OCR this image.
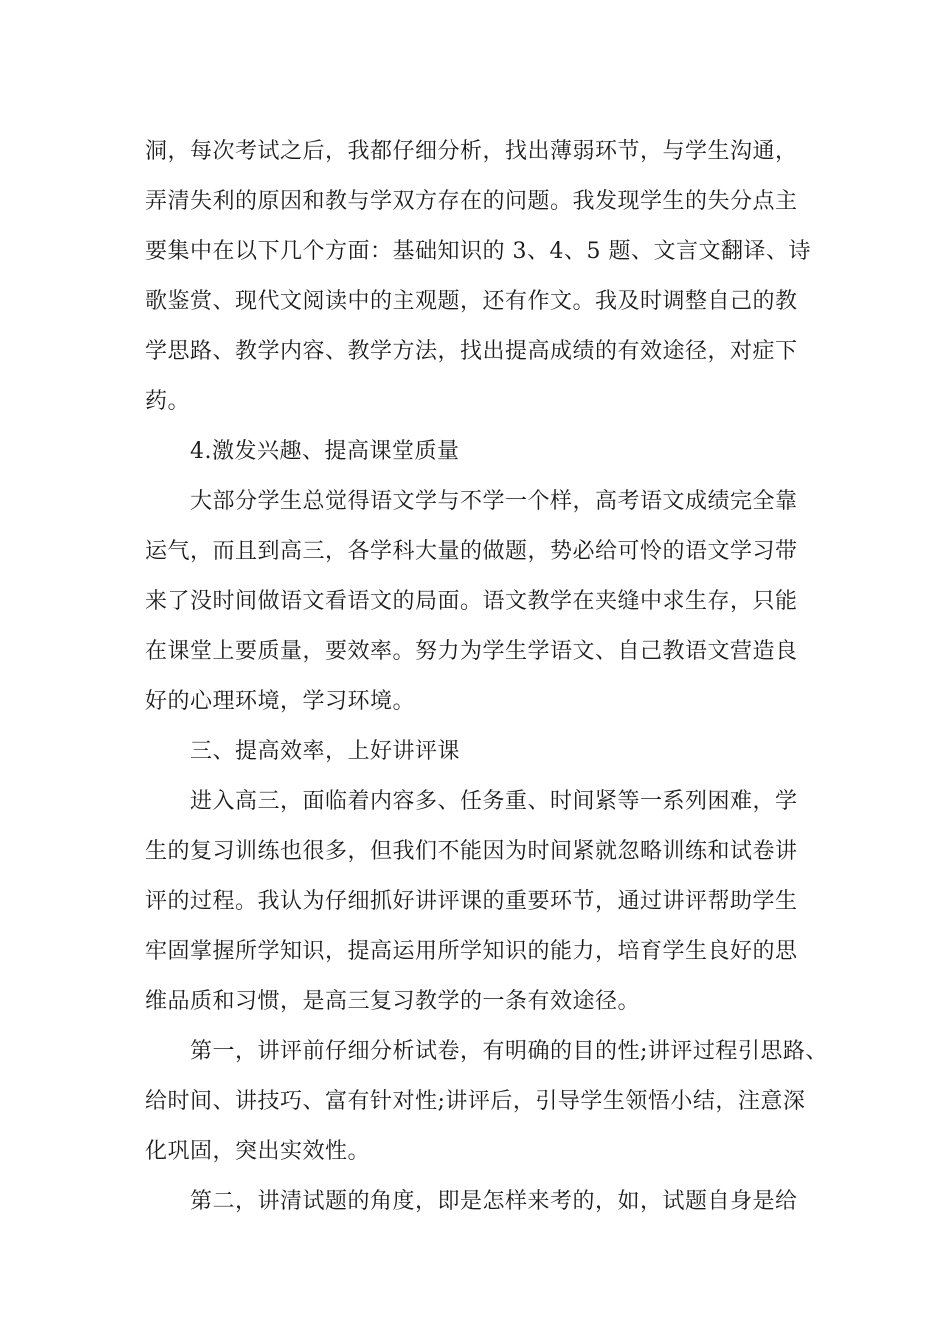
洞，每次考试之后，我都仔细分析，找出薄弱环节，与学生沟通，
弄清失利的原因和教与学双方存在的问题。我发现学生的失分点主
要集中在以下几个方面：基础知识的 3、4、5 题、文言文翻译、诗
歌鉴赏、现代文阅读中的主观题，还有作文。我及时调整自己的教
学思路、教学内容、教学方法，找出提高成绩的有效途径，对症下
药。
4.激发兴趣、提高课堂质量
大部分学生总觉得语文学与不学一个样，高考语文成绩完全靠
运气，而且到高三，各学科大量的做题，势必给可怜的语文学习带
来了没时间做语文看语文的局面。语文教学在夹缝中求生存，只能
在课堂上要质量，要效率。努力为学生学语文、自己教语文营造良
好的心理环境，学习环境。
三、提高效率，上好讲评课
进入高三，面临着内容多、任务重、时间紧等一系列困难，学
生的复习训练也很多，但我们不能因为时间紧就忽略训练和试卷讲
评的过程。我认为仔细抓好讲评课的重要环节，通过讲评帮助学生
牢固掌握所学知识，提高运用所学知识的能力，培育学生良好的思
维品质和习惯，是高三复习教学的一条有效途径。
第一，讲评前仔细分析试卷，有明确的目的性;讲评过程引思路、
给时间、讲技巧、富有针对性;讲评后，引导学生领悟小结，注意深
化巩固，突出实效性。
第二，讲清试题的角度，即是怎样来考的，如，试题自身是给
